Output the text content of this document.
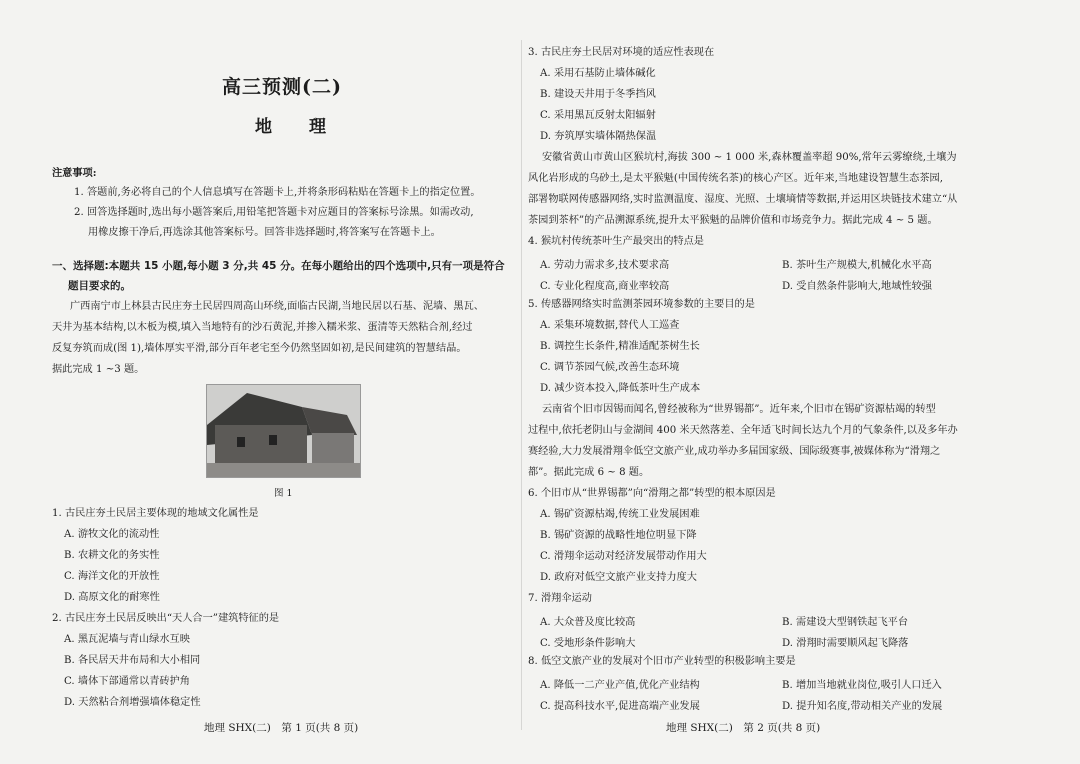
高三预测(二)
地　理
注意事项:
1. 答题前,务必将自己的个人信息填写在答题卡上,并将条形码粘贴在答题卡上的指定位置。
2. 回答选择题时,选出每小题答案后,用铅笔把答题卡对应题目的答案标号涂黑。如需改动,
用橡皮擦干净后,再选涂其他答案标号。回答非选择题时,将答案写在答题卡上。
一、选择题:本题共 15 小题,每小题 3 分,共 45 分。在每小题给出的四个选项中,只有一项是符合
题目要求的。
广西南宁市上林县古民庄夯土民居四周高山环绕,面临古民湖,当地民居以石基、泥墙、黑瓦、
天井为基本结构,以木板为模,填入当地特有的沙石黄泥,并掺入糯米浆、蛋清等天然粘合剂,经过
反复夯筑而成(图 1),墙体厚实平滑,部分百年老宅至今仍然坚固如初,是民间建筑的智慧结晶。
据此完成 1 ~3 题。
图 1
1. 古民庄夯土民居主要体现的地域文化属性是
A. 游牧文化的流动性
B. 农耕文化的务实性
C. 海洋文化的开放性
D. 高原文化的耐寒性
2. 古民庄夯土民居反映出“天人合一”建筑特征的是
A. 黑瓦泥墙与青山绿水互映
B. 各民居天井布局和大小相同
C. 墙体下部通常以青砖护角
D. 天然粘合剂增强墙体稳定性
地理 SHX(二)　第 1 页(共 8 页)
3. 古民庄夯土民居对环境的适应性表现在
A. 采用石基防止墙体碱化
B. 建设天井用于冬季挡风
C. 采用黑瓦反射太阳辐射
D. 夯筑厚实墙体隔热保温
安徽省黄山市黄山区猴坑村,海拔 300 ~ 1 000 米,森林覆盖率超 90%,常年云雾缭绕,土壤为
风化岩形成的乌砂土,是太平猴魁(中国传统名茶)的核心产区。近年来,当地建设智慧生态茶园,
部署物联网传感器网络,实时监测温度、湿度、光照、土壤墒情等数据,并运用区块链技术建立“从
茶园到茶杯”的产品溯源系统,提升太平猴魁的品牌价值和市场竞争力。据此完成 4 ~ 5 题。
4. 猴坑村传统茶叶生产最突出的特点是
A. 劳动力需求多,技术要求高	B. 茶叶生产规模大,机械化水平高
C. 专业化程度高,商业率较高	D. 受自然条件影响大,地域性较强
5. 传感器网络实时监测茶园环境参数的主要目的是
A. 采集环境数据,替代人工巡查
B. 调控生长条件,精准适配茶树生长
C. 调节茶园气候,改善生态环境
D. 减少资本投入,降低茶叶生产成本
云南省个旧市因锡而闻名,曾经被称为“世界锡都”。近年来,个旧市在锡矿资源枯竭的转型
过程中,依托老阴山与金湖间 400 米天然落差、全年适飞时间长达九个月的气象条件,以及多年办
赛经验,大力发展滑翔伞低空文旅产业,成功举办多届国家级、国际级赛事,被媒体称为“滑翔之
都”。据此完成 6 ~ 8 题。
6. 个旧市从“世界锡都”向“滑翔之都”转型的根本原因是
A. 锡矿资源枯竭,传统工业发展困难
B. 锡矿资源的战略性地位明显下降
C. 滑翔伞运动对经济发展带动作用大
D. 政府对低空文旅产业支持力度大
7. 滑翔伞运动
A. 大众普及度比较高	B. 需建设大型钢铁起飞平台
C. 受地形条件影响大	D. 滑翔时需要顺风起飞降落
8. 低空文旅产业的发展对个旧市产业转型的积极影响主要是
A. 降低一二产业产值,优化产业结构	B. 增加当地就业岗位,吸引人口迁入
C. 提高科技水平,促进高端产业发展	D. 提升知名度,带动相关产业的发展
地理 SHX(二)　第 2 页(共 8 页)
